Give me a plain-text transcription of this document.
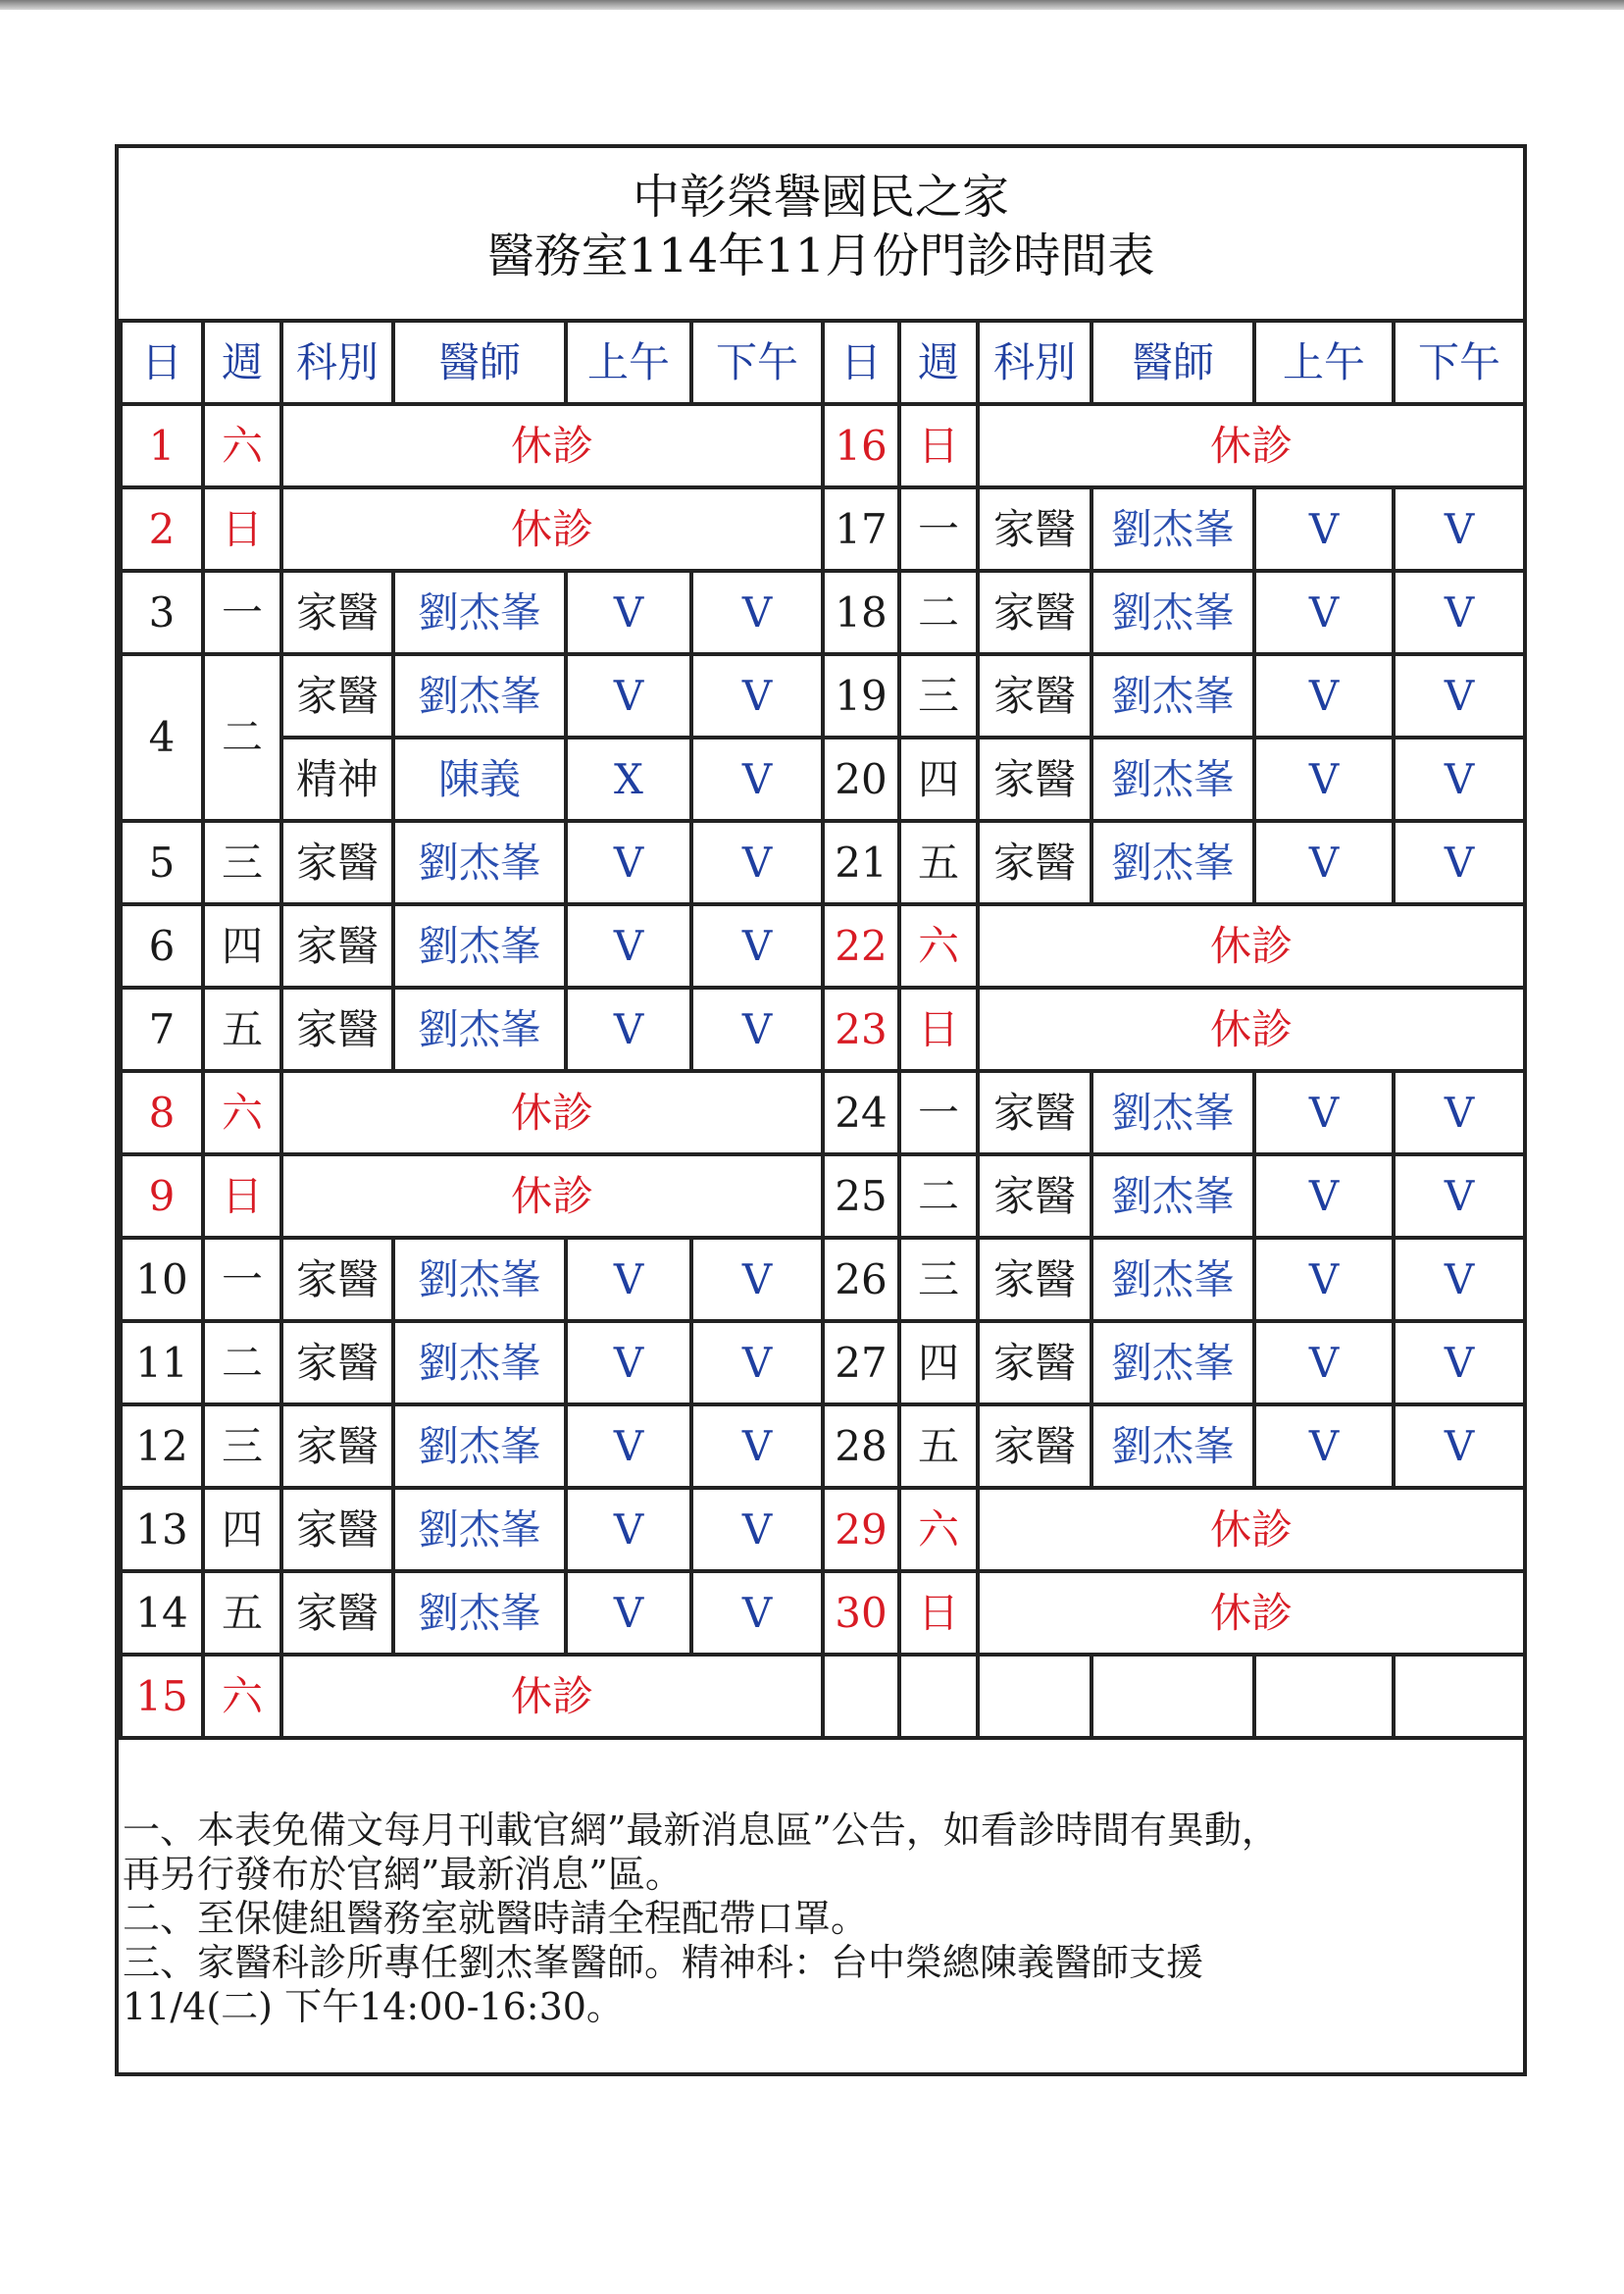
中彰榮譽國民之家
醫務室114年11月份門診時間表
日	週	科別	醫師	上午	下午	日	週	科別	醫師	上午	下午
1	六	休診				16	日	休診			
2	日	休診				17	一	家醫	劉杰峯	V	V
3	一	家醫	劉杰峯	V	V	18	二	家醫	劉杰峯	V	V
4	二	家醫	劉杰峯	V	V	19	三	家醫	劉杰峯	V	V
		精神	陳義	X	V	20	四	家醫	劉杰峯	V	V
5	三	家醫	劉杰峯	V	V	21	五	家醫	劉杰峯	V	V
6	四	家醫	劉杰峯	V	V	22	六	休診			
7	五	家醫	劉杰峯	V	V	23	日	休診			
8	六	休診				24	一	家醫	劉杰峯	V	V
9	日	休診				25	二	家醫	劉杰峯	V	V
10	一	家醫	劉杰峯	V	V	26	三	家醫	劉杰峯	V	V
11	二	家醫	劉杰峯	V	V	27	四	家醫	劉杰峯	V	V
12	三	家醫	劉杰峯	V	V	28	五	家醫	劉杰峯	V	V
13	四	家醫	劉杰峯	V	V	29	六	休診			
14	五	家醫	劉杰峯	V	V	30	日	休診			
15	六	休診									
一、本表免備文每月刊載官網”最新消息區”公告，如看診時間有異動，
再另行發布於官網”最新消息”區。
二、至保健組醫務室就醫時請全程配帶口罩。
三、家醫科診所專任劉杰峯醫師。精神科：台中榮總陳義醫師支援
11/4(二) 下午14:00-16:30。
